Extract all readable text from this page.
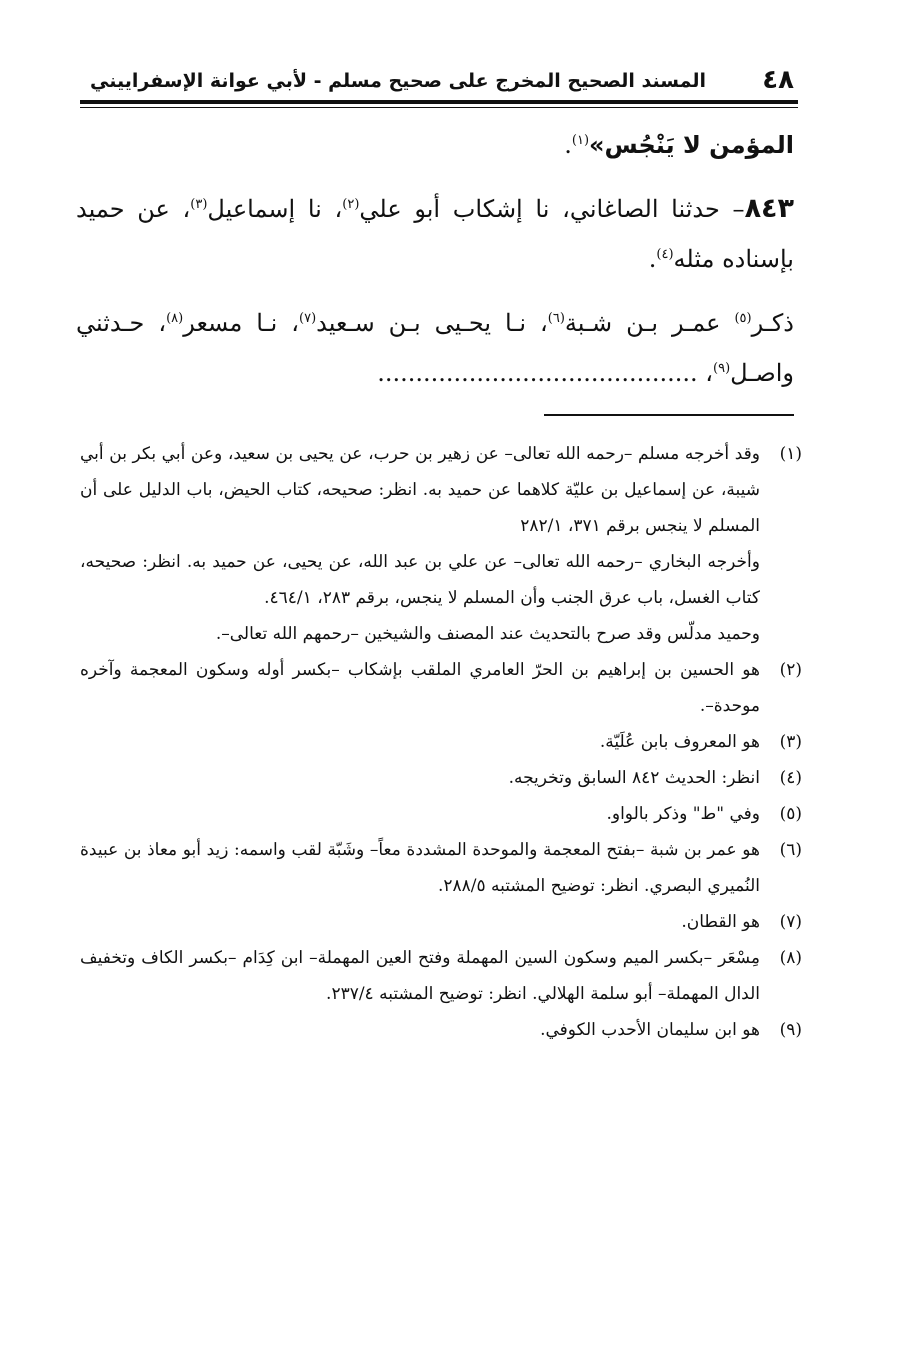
٤٨
المسند الصحيح المخرج على صحيح مسلم - لأبي عوانة الإسفراييني

المؤمن لا يَنْجُس»$^{(١)}$.

٨٤٣– حدثنا الصاغاني، نا إشكاب أبو علي$^{(٢)}$، نا إسماعيل$^{(٣)}$، عن حميد بإسناده مثله$^{(٤)}$.

ذكـر$^{(٥)}$ عمـر بـن شـبة$^{(٦)}$، نـا يحـيى بـن سـعيد$^{(٧)}$، نـا مسعر$^{(٨)}$، حـدثني واصـل$^{(٩)}$، ..........................................

(١)
وقد أخرجه مسلم –رحمه الله تعالى– عن زهير بن حرب، عن يحيى بن سعيد، وعن أبي بكر بن أبي شيبة، عن إسماعيل بن عليّة كلاهما عن حميد به. انظر: صحيحه، كتاب الحيض، باب الدليل على أن المسلم لا ينجس برقم ٣٧١، ٢٨٢/١
وأخرجه البخاري –رحمه الله تعالى– عن علي بن عبد الله، عن يحيى، عن حميد به. انظر: صحيحه، كتاب الغسل، باب عرق الجنب وأن المسلم لا ينجس، برقم ٢٨٣، ٤٦٤/١.
وحميد مدلّس وقد صرح بالتحديث عند المصنف والشيخين –رحمهم الله تعالى–.
(٢)
هو الحسين بن إبراهيم بن الحرّ العامري الملقب بإشكاب –بكسر أوله وسكون المعجمة وآخره موحدة–.
(٣)
هو المعروف بابن عُلَيّة.
(٤)
انظر: الحديث ٨٤٢ السابق وتخريجه.
(٥)
وفي "ط" وذكر بالواو.
(٦)
هو عمر بن شبة –بفتح المعجمة والموحدة المشددة معاً– وشَبّة لقب واسمه: زيد أبو معاذ بن عبيدة النُميري البصري. انظر: توضيح المشتبه ٢٨٨/٥.
(٧)
هو القطان.
(٨)
مِسْعَر –بكسر الميم وسكون السين المهملة وفتح العين المهملة– ابن كِدَام –بكسر الكاف وتخفيف الدال المهملة– أبو سلمة الهلالي. انظر: توضيح المشتبه ٢٣٧/٤.
(٩)
هو ابن سليمان الأحدب الكوفي.
